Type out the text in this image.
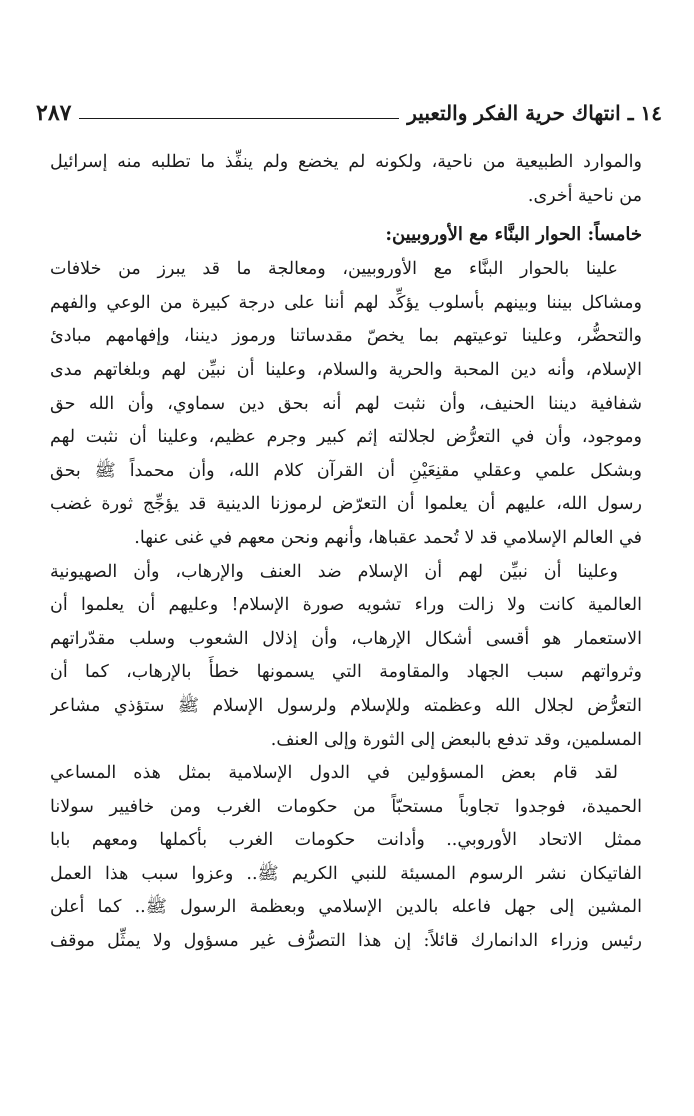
١٤ ـ انتهاك حرية الفكر والتعبير
٢٨٧
والموارد الطبيعية من ناحية، ولكونه لم يخضع ولم ينفِّذ ما تطلبه منه إسرائيل
من ناحية أخرى.
خامساً: الحوار البنَّاء مع الأوروبيين:
علينا بالحوار البنَّاء مع الأوروبيين، ومعالجة ما قد يبرز من خلافات
ومشاكل بيننا وبينهم بأسلوب يؤكِّد لهم أننا على درجة كبيرة من الوعي والفهم
والتحضُّر، وعلينا توعيتهم بما يخصّ مقدساتنا ورموز ديننا، وإفهامهم مبادئ
الإسلام، وأنه دين المحبة والحرية والسلام، وعلينا أن نبيِّن لهم وبلغاتهم مدى
شفافية ديننا الحنيف، وأن نثبت لهم أنه بحق دين سماوي، وأن الله حق
وموجود، وأن في التعرُّض لجلالته إثم كبير وجرم عظيم، وعلينا أن نثبت لهم
وبشكل علمي وعقلي مقنِعَيْنِ أن القرآن كلام الله، وأن محمداً ﷺ بحق
رسول الله، عليهم أن يعلموا أن التعرّض لرموزنا الدينية قد يؤجِّج ثورة غضب
في العالم الإسلامي قد لا تُحمد عقباها، وأنهم ونحن معهم في غنى عنها.
وعلينا أن نبيِّن لهم أن الإسلام ضد العنف والإرهاب، وأن الصهيونية
العالمية كانت ولا زالت وراء تشويه صورة الإسلام! وعليهم أن يعلموا أن
الاستعمار هو أقسى أشكال الإرهاب، وأن إذلال الشعوب وسلب مقدّراتهم
وثرواتهم سبب الجهاد والمقاومة التي يسمونها خطأً بالإرهاب، كما أن
التعرُّض لجلال الله وعظمته وللإسلام ولرسول الإسلام ﷺ ستؤذي مشاعر
المسلمين، وقد تدفع بالبعض إلى الثورة وإلى العنف.
لقد قام بعض المسؤولين في الدول الإسلامية بمثل هذه المساعي
الحميدة، فوجدوا تجاوباً مستحبّاً من حكومات الغرب ومن خافيير سولانا
ممثل الاتحاد الأوروبي.. وأدانت حكومات الغرب بأكملها ومعهم بابا
الفاتيكان نشر الرسوم المسيئة للنبي الكريم ﷺ.. وعزوا سبب هذا العمل
المشين إلى جهل فاعله بالدين الإسلامي وبعظمة الرسول ﷺ.. كما أعلن
رئيس وزراء الدانمارك قائلاً: إن هذا التصرُّف غير مسؤول ولا يمثِّل موقف
